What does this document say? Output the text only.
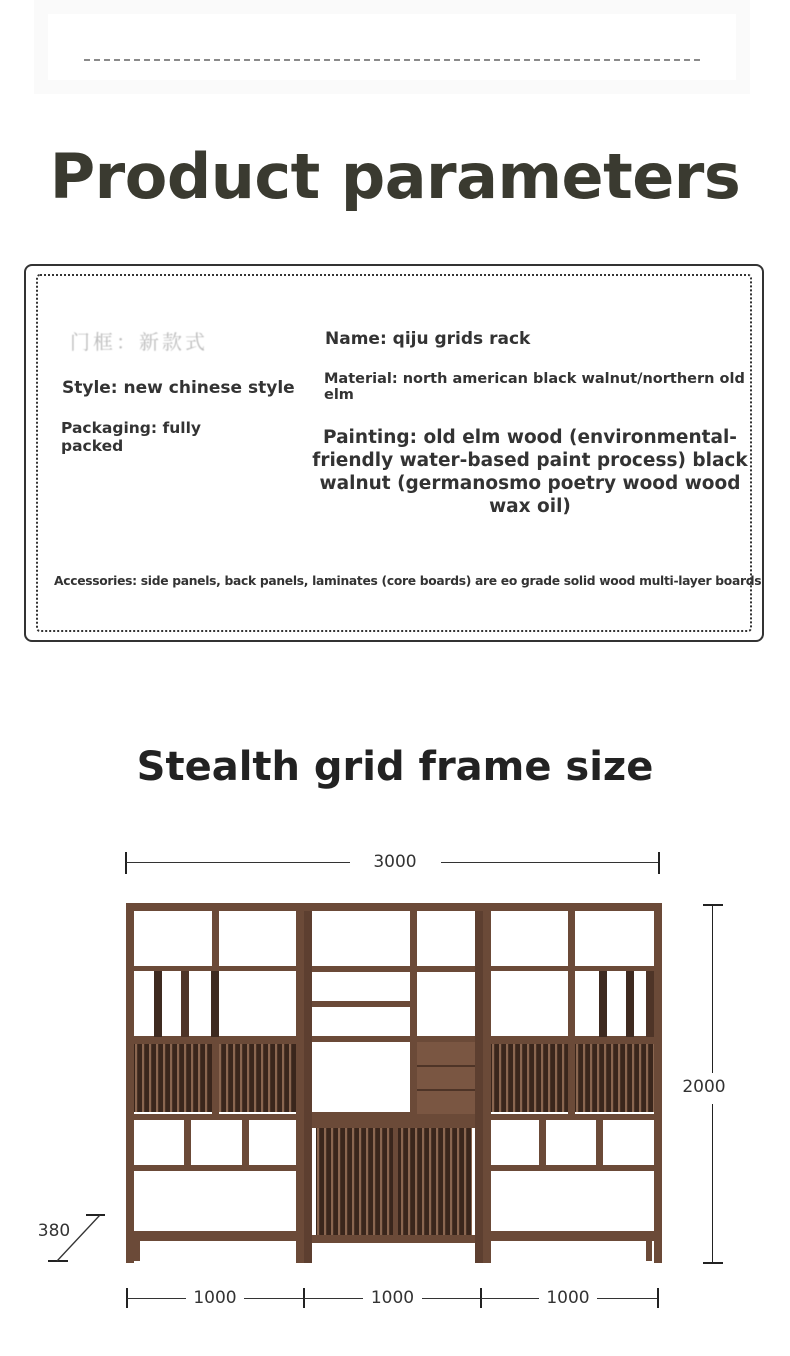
Product parameters
门框：新款式	Name: qiju grids rack
Style: new chinese style Material: north american black walnut/northern old elm
Packaging: fully packed	Painting: old elm wood (environmental-friendly water-based paint process) black walnut (germanosmo poetry wood wood wax oil)
Accessories: side panels, back panels, laminates (core boards) are eo grade solid wood multi-layer boards
Stealth grid frame size
3000
2000
380
1000	1000	1000
